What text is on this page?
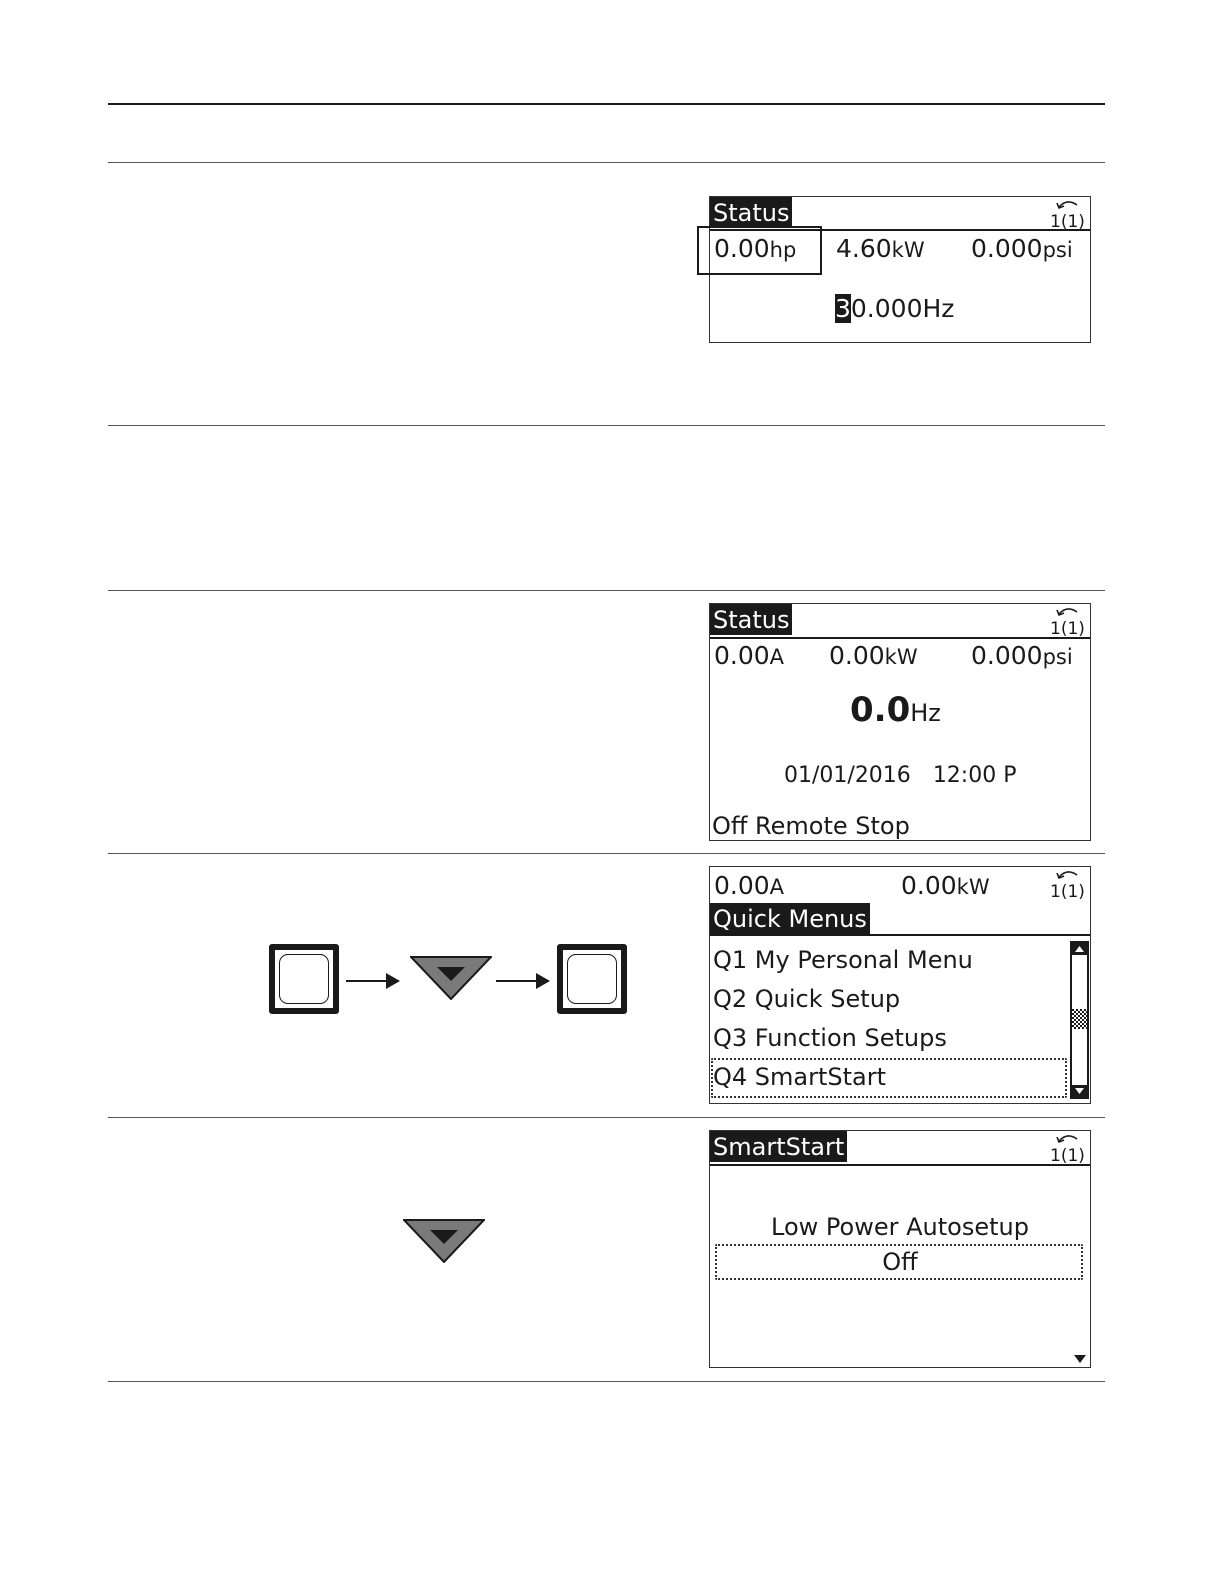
Status	1(1)
0.00hp 4.60kW 0.000psi
30.000Hz
Status	1(1)
0.00A 0.00kW 0.000psi
0.0Hz
01/01/2016 12:00 P
Off Remote Stop
0.00A	0.00kW	1(1)
Quick Menus
Q1 My Personal Menu
Q2 Quick Setup
Q3 Function Setups
Q4 SmartStart
SmartStart	1(1)
Low Power Autosetup
Off
